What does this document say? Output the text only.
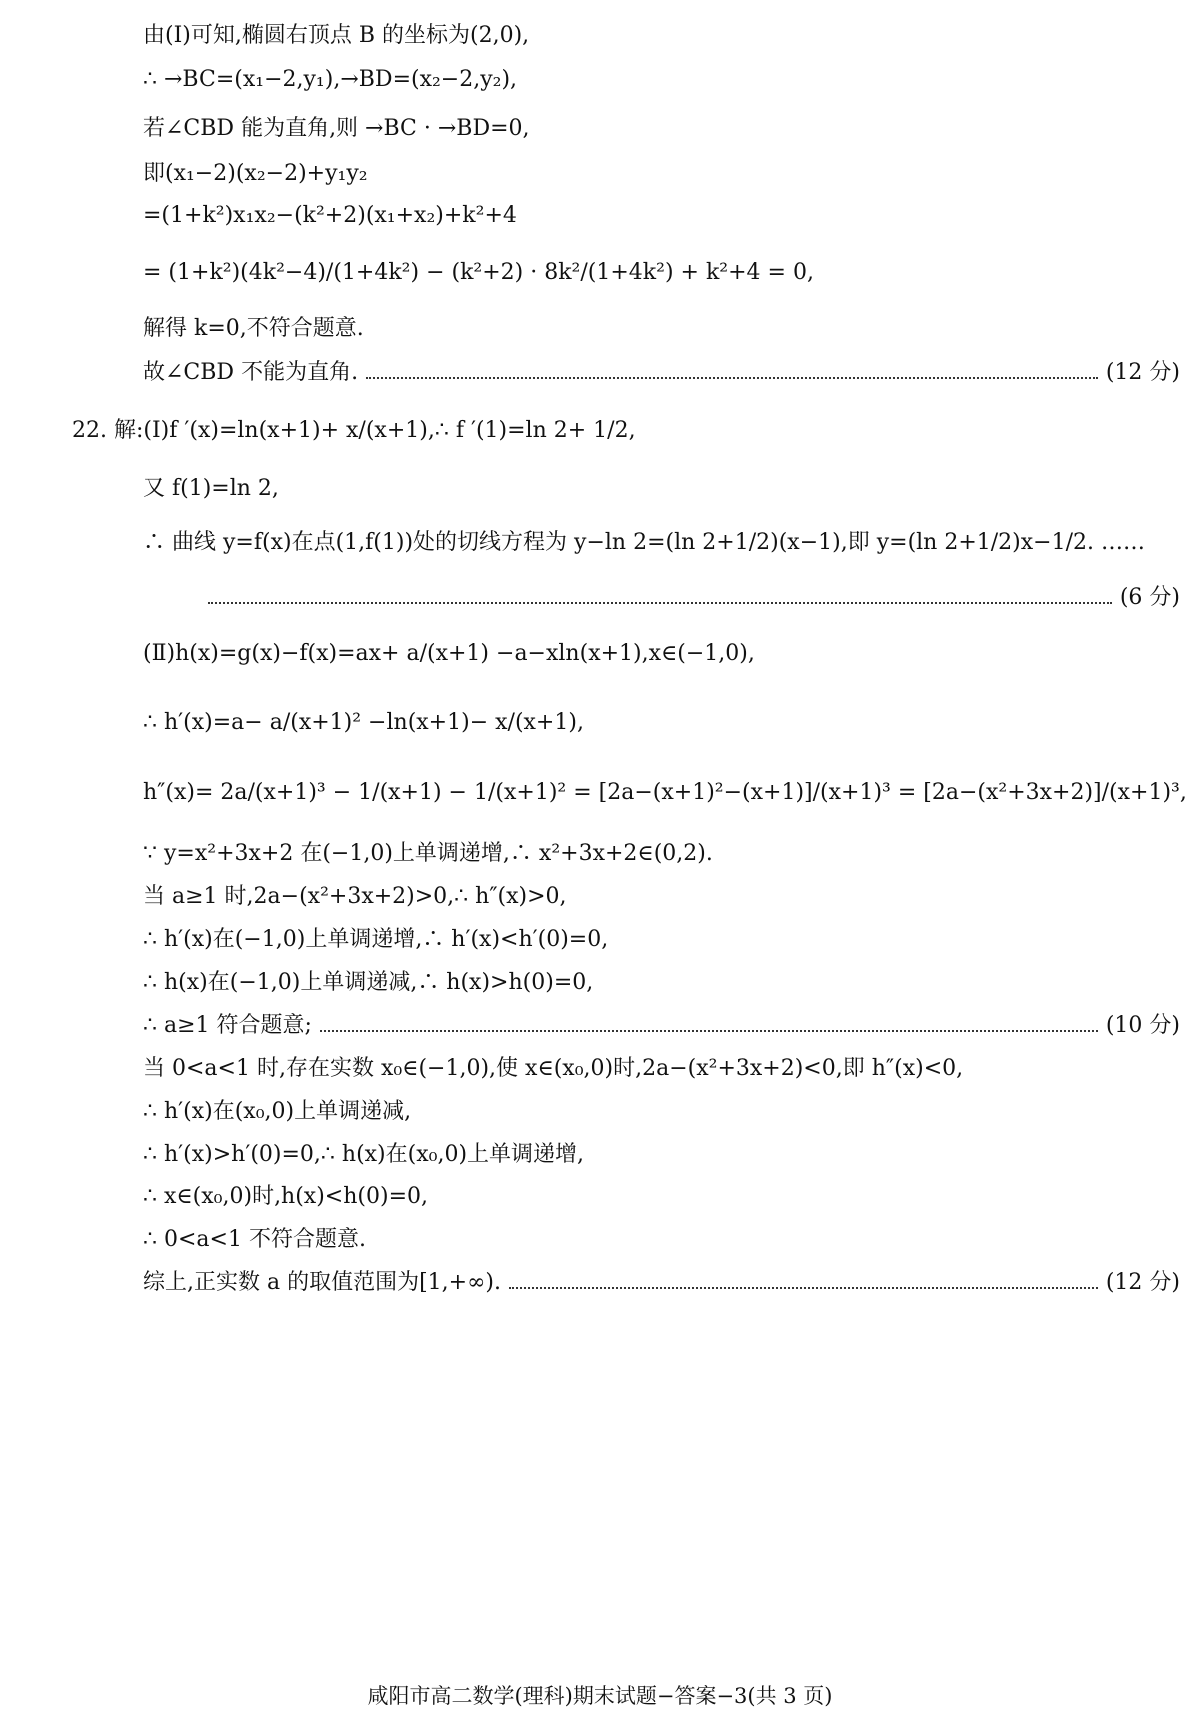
由(Ⅰ)可知,椭圆右顶点 B 的坐标为(2,0),
∴ →BC=(x₁−2,y₁),→BD=(x₂−2,y₂),
若∠CBD 能为直角,则 →BC · →BD=0,
即(x₁−2)(x₂−2)+y₁y₂
=(1+k²)x₁x₂−(k²+2)(x₁+x₂)+k²+4
= (1+k²)(4k²−4)/(1+4k²) − (k²+2) · 8k²/(1+4k²) + k²+4 = 0,
解得 k=0,不符合题意.
故∠CBD 不能为直角.	(12 分)
22. 解:(Ⅰ)f ′(x)=ln(x+1)+ x/(x+1),∴ f ′(1)=ln 2+ 1/2,
又 f(1)=ln 2,
∴ 曲线 y=f(x)在点(1,f(1))处的切线方程为 y−ln 2=(ln 2+1/2)(x−1),即 y=(ln 2+1/2)x−1/2. ……
(6 分)
(Ⅱ)h(x)=g(x)−f(x)=ax+ a/(x+1) −a−xln(x+1),x∈(−1,0),
∴ h′(x)=a− a/(x+1)² −ln(x+1)− x/(x+1),
h″(x)= 2a/(x+1)³ − 1/(x+1) − 1/(x+1)² = [2a−(x+1)²−(x+1)]/(x+1)³ = [2a−(x²+3x+2)]/(x+1)³,
∵ y=x²+3x+2 在(−1,0)上单调递增,∴ x²+3x+2∈(0,2).
当 a≥1 时,2a−(x²+3x+2)>0,∴ h″(x)>0,
∴ h′(x)在(−1,0)上单调递增,∴ h′(x)<h′(0)=0,
∴ h(x)在(−1,0)上单调递减,∴ h(x)>h(0)=0,
∴ a≥1 符合题意;	(10 分)
当 0<a<1 时,存在实数 x₀∈(−1,0),使 x∈(x₀,0)时,2a−(x²+3x+2)<0,即 h″(x)<0,
∴ h′(x)在(x₀,0)上单调递减,
∴ h′(x)>h′(0)=0,∴ h(x)在(x₀,0)上单调递增,
∴ x∈(x₀,0)时,h(x)<h(0)=0,
∴ 0<a<1 不符合题意.
综上,正实数 a 的取值范围为[1,+∞).	(12 分)
咸阳市高二数学(理科)期末试题−答案−3(共 3 页)
